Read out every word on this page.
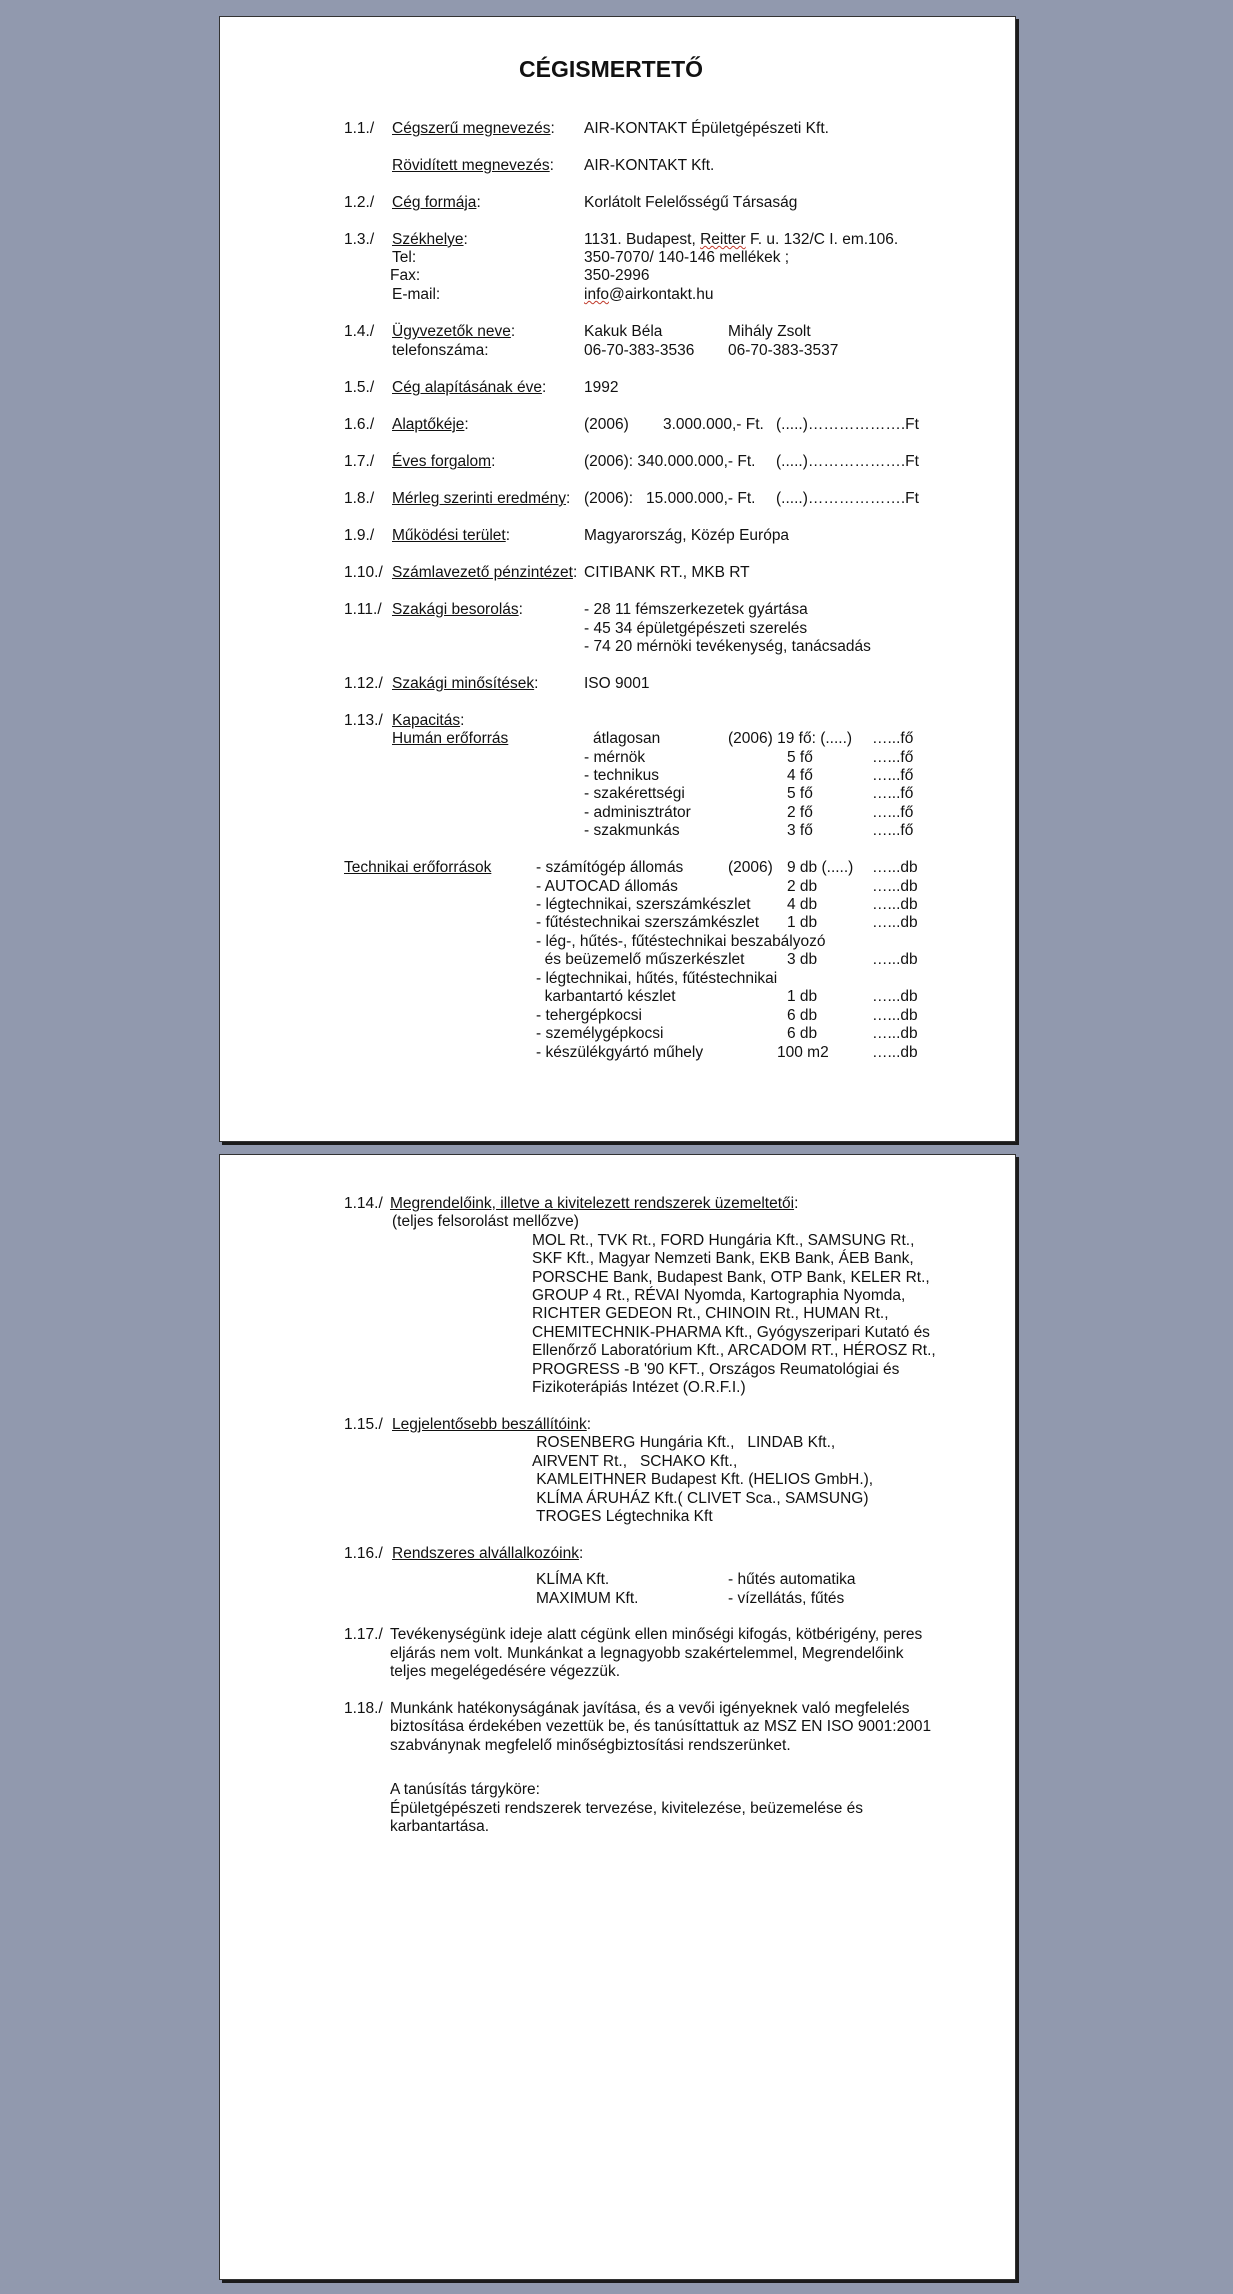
CÉGISMERTETŐ
1.1./ Cégszerű megnevezés: AIR-KONTAKT Épületgépészeti Kft.
Rövidített megnevezés: AIR-KONTAKT Kft.
1.2./ Cég formája:	Korlátolt Felelősségű Társaság
1.3./ Székhelye:	1131. Budapest, Reitter F. u. 132/C I. em.106.
Tel:	350-7070/ 140-146 mellékek ;
Fax:	350-2996
E-mail:	info@airkontakt.hu
1.4./ Ügyvezetők neve:	Kakuk Béla	Mihály Zsolt
telefonszáma:	06-70-383-3536 06-70-383-3537
1.5./ Cég alapításának éve: 1992
1.6./ Alaptőkéje:	(2006) 3.000.000,- Ft. (.....)……………….Ft
1.7./ Éves forgalom:	(2006): 340.000.000,- Ft. (.....)……………….Ft
1.8./ Mérleg szerinti eredmény: (2006):   15.000.000,- Ft. (.....)……………….Ft
1.9./ Működési terület:	Magyarország, Közép Európa
1.10./ Számlavezető pénzintézet: CITIBANK RT., MKB RT
1.11./ Szakági besorolás:	- 28 11 fémszerkezetek gyártása
- 45 34 épületgépészeti szerelés
- 74 20 mérnöki tevékenység, tanácsadás
1.12./ Szakági minősítések:	ISO 9001
1.13./ Kapacitás:
Humán erőforrás	átlagosan	(2006) 19 fő: (.....) …...fő
- mérnök	5 fő	…...fő
- technikus	4 fő	…...fő
- szakérettségi	5 fő	…...fő
- adminisztrátor	2 fő	…...fő
- szakmunkás	3 fő	…...fő
Technikai erőforrások	- számítógép állomás	(2006) 9 db (.....) …...db
- AUTOCAD állomás	2 db	…...db
- légtechnikai, szerszámkészlet 4 db	…...db
- fűtéstechnikai szerszámkészlet 1 db	…...db
- lég-, hűtés-, fűtéstechnikai beszabályozó
és beüzemelő műszerkészlet	3 db	…...db
- légtechnikai, hűtés, fűtéstechnikai
karbantartó készlet	1 db	…...db
- tehergépkocsi	6 db	…...db
- személygépkocsi	6 db	…...db
- készülékgyártó műhely	100 m2	…...db
1.14./ Megrendelőink, illetve a kivitelezett rendszerek üzemeltetői:
(teljes felsorolást mellőzve)
MOL Rt., TVK Rt., FORD Hungária Kft., SAMSUNG Rt.,
SKF Kft., Magyar Nemzeti Bank, EKB Bank, ÁEB Bank,
PORSCHE Bank, Budapest Bank, OTP Bank, KELER Rt.,
GROUP 4 Rt., RÉVAI Nyomda, Kartographia Nyomda,
RICHTER GEDEON Rt., CHINOIN Rt., HUMAN Rt.,
CHEMITECHNIK-PHARMA Kft., Gyógyszeripari Kutató és
Ellenőrző Laboratórium Kft., ARCADOM RT., HÉROSZ Rt.,
PROGRESS -B '90 KFT., Országos Reumatológiai és
Fizikoterápiás Intézet (O.R.F.I.)
1.15./ Legjelentősebb beszállítóink:
ROSENBERG Hungária Kft.,   LINDAB Kft.,
AIRVENT Rt.,   SCHAKO Kft.,
KAMLEITHNER Budapest Kft. (HELIOS GmbH.),
KLÍMA ÁRUHÁZ Kft.( CLIVET Sca., SAMSUNG)
TROGES Légtechnika Kft
1.16./ Rendszeres alvállalkozóink:
KLÍMA Kft.	- hűtés automatika
MAXIMUM Kft.	- vízellátás, fűtés
1.17./ Tevékenységünk ideje alatt cégünk ellen minőségi kifogás, kötbérigény, peres
eljárás nem volt. Munkánkat a legnagyobb szakértelemmel, Megrendelőink
teljes megelégedésére végezzük.
1.18./ Munkánk hatékonyságának javítása, és a vevői igényeknek való megfelelés
biztosítása érdekében vezettük be, és tanúsíttattuk az MSZ EN ISO 9001:2001
szabványnak megfelelő minőségbiztosítási rendszerünket.
A tanúsítás tárgyköre:
Épületgépészeti rendszerek tervezése, kivitelezése, beüzemelése és
karbantartása.
